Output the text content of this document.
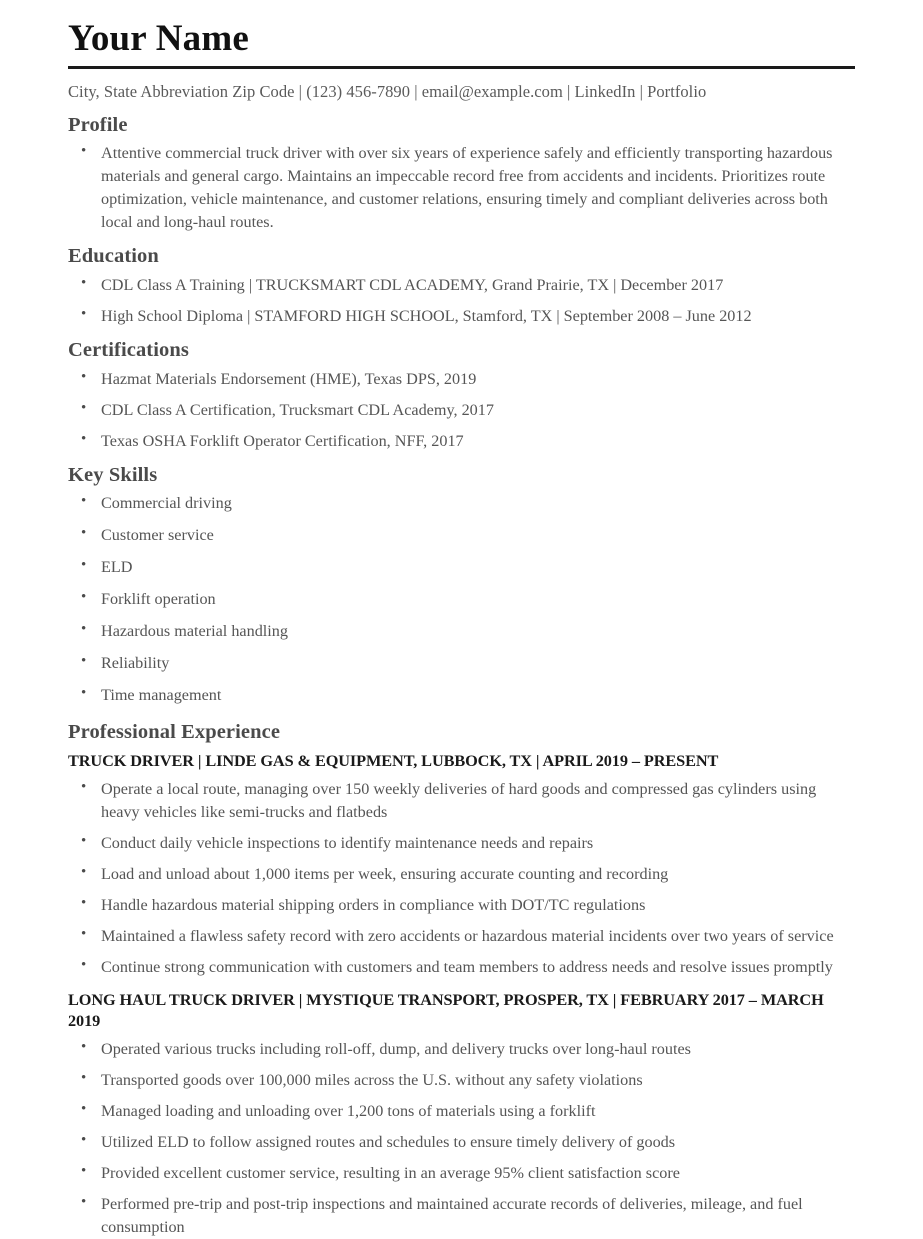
Your Name
City, State Abbreviation Zip Code | (123) 456-7890 | email@example.com | LinkedIn | Portfolio
Profile
• Attentive commercial truck driver with over six years of experience safely and efficiently transporting hazardous materials and general cargo. Maintains an impeccable record free from accidents and incidents. Prioritizes route optimization, vehicle maintenance, and customer relations, ensuring timely and compliant deliveries across both local and long-haul routes.
Education
• CDL Class A Training | TRUCKSMART CDL ACADEMY, Grand Prairie, TX | December 2017
• High School Diploma | STAMFORD HIGH SCHOOL, Stamford, TX | September 2008 – June 2012
Certifications
• Hazmat Materials Endorsement (HME), Texas DPS, 2019
• CDL Class A Certification, Trucksmart CDL Academy, 2017
• Texas OSHA Forklift Operator Certification, NFF, 2017
Key Skills
• Commercial driving
• Customer service
• ELD
• Forklift operation
• Hazardous material handling
• Reliability
• Time management
Professional Experience
TRUCK DRIVER | LINDE GAS & EQUIPMENT, LUBBOCK, TX | APRIL 2019 – PRESENT
• Operate a local route, managing over 150 weekly deliveries of hard goods and compressed gas cylinders using heavy vehicles like semi-trucks and flatbeds
• Conduct daily vehicle inspections to identify maintenance needs and repairs
• Load and unload about 1,000 items per week, ensuring accurate counting and recording
• Handle hazardous material shipping orders in compliance with DOT/TC regulations
• Maintained a flawless safety record with zero accidents or hazardous material incidents over two years of service
• Continue strong communication with customers and team members to address needs and resolve issues promptly
LONG HAUL TRUCK DRIVER | MYSTIQUE TRANSPORT, PROSPER, TX | FEBRUARY 2017 – MARCH 2019
• Operated various trucks including roll-off, dump, and delivery trucks over long-haul routes
• Transported goods over 100,000 miles across the U.S. without any safety violations
• Managed loading and unloading over 1,200 tons of materials using a forklift
• Utilized ELD to follow assigned routes and schedules to ensure timely delivery of goods
• Provided excellent customer service, resulting in an average 95% client satisfaction score
• Performed pre-trip and post-trip inspections and maintained accurate records of deliveries, mileage, and fuel consumption
